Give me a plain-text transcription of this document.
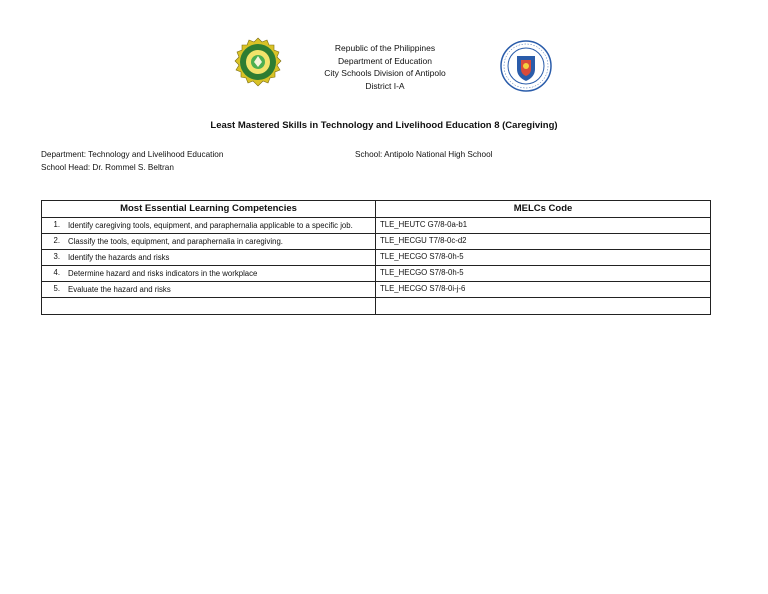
Republic of the Philippines
Department of Education
City Schools Division of Antipolo
District I-A
Least Mastered Skills in Technology and Livelihood Education 8 (Caregiving)
Department: Technology and Livelihood Education	School: Antipolo National High School
School Head: Dr. Rommel S. Beltran
Most Essential Learning Competencies	MELCs Code

1. Identify caregiving tools, equipment, and paraphernalia applicable to a specific job.	TLE_HEUTC G7/8-0a-b1

2. Classify the tools, equipment, and paraphernalia in caregiving.	TLE_HECGU T7/8-0c-d2

3. Identify the hazards and risks	TLE_HECGO S7/8-0h-5

4. Determine hazard and risks indicators in the workplace	TLE_HECGO S7/8-0h-5

5. Evaluate the hazard and risks	TLE_HECGO S7/8-0i-j-6
